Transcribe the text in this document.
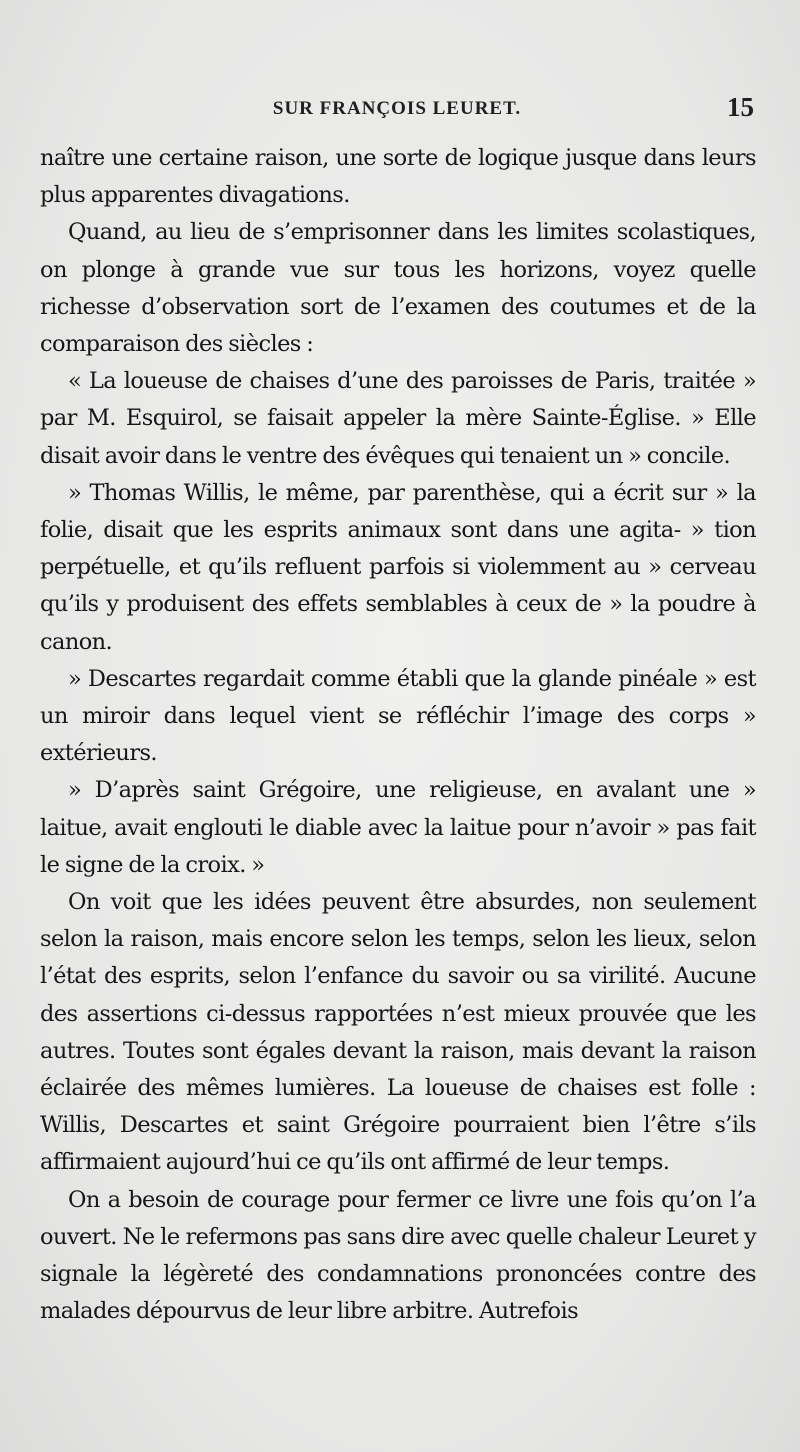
SUR FRANÇOIS LEURET.	15

naître une certaine raison, une sorte de logique jusque dans leurs plus apparentes divagations.

Quand, au lieu de s’emprisonner dans les limites scolastiques, on plonge à grande vue sur tous les horizons, voyez quelle richesse d’observation sort de l’examen des coutumes et de la comparaison des siècles :

« La loueuse de chaises d’une des paroisses de Paris, traitée » par M. Esquirol, se faisait appeler la mère Sainte-Église. » Elle disait avoir dans le ventre des évêques qui tenaient un » concile.

» Thomas Willis, le même, par parenthèse, qui a écrit sur » la folie, disait que les esprits animaux sont dans une agita- » tion perpétuelle, et qu’ils refluent parfois si violemment au » cerveau qu’ils y produisent des effets semblables à ceux de » la poudre à canon.

» Descartes regardait comme établi que la glande pinéale » est un miroir dans lequel vient se réfléchir l’image des corps » extérieurs.

» D’après saint Grégoire, une religieuse, en avalant une » laitue, avait englouti le diable avec la laitue pour n’avoir » pas fait le signe de la croix. »

On voit que les idées peuvent être absurdes, non seulement selon la raison, mais encore selon les temps, selon les lieux, selon l’état des esprits, selon l’enfance du savoir ou sa virilité. Aucune des assertions ci-dessus rapportées n’est mieux prouvée que les autres. Toutes sont égales devant la raison, mais devant la raison éclairée des mêmes lumières. La loueuse de chaises est folle : Willis, Descartes et saint Grégoire pourraient bien l’être s’ils affirmaient aujourd’hui ce qu’ils ont affirmé de leur temps.

On a besoin de courage pour fermer ce livre une fois qu’on l’a ouvert. Ne le refermons pas sans dire avec quelle chaleur Leuret y signale la légèreté des condamnations prononcées contre des malades dépourvus de leur libre arbitre. Autrefois
